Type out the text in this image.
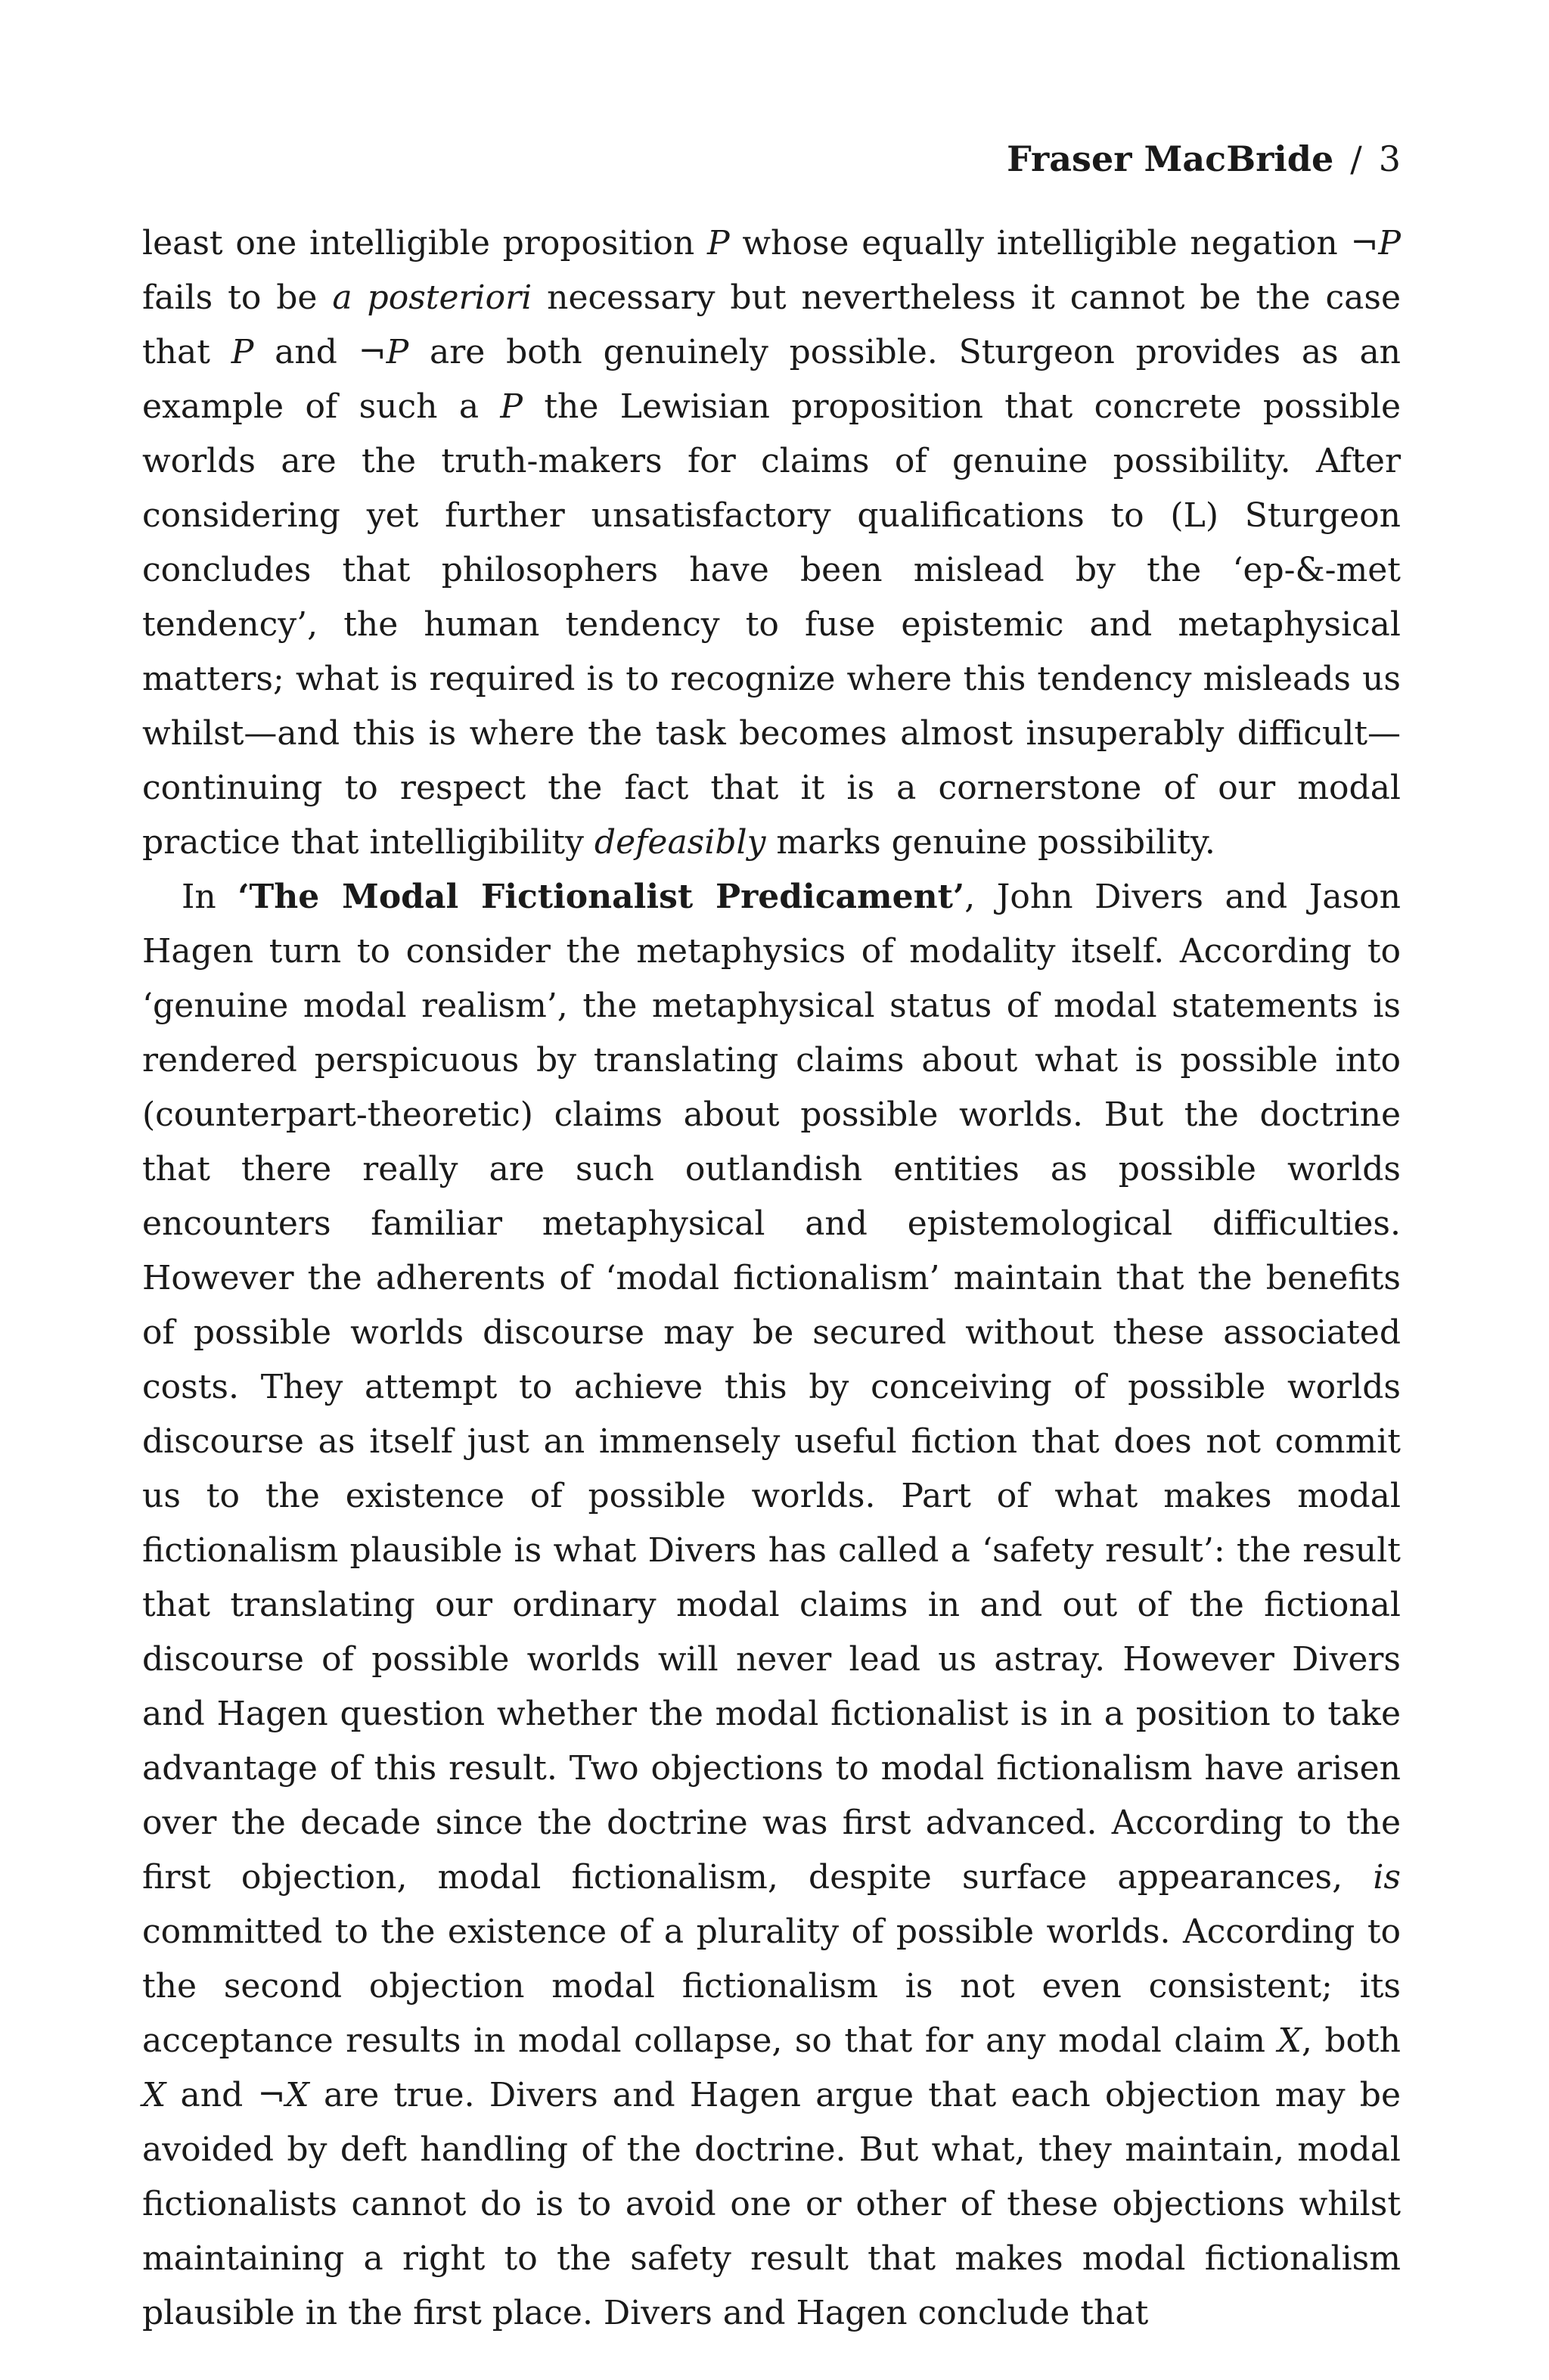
Fraser MacBride / 3

least one intelligible proposition P whose equally intelligible negation ¬P fails to be a posteriori necessary but nevertheless it cannot be the case that P and ¬P are both genuinely possible. Sturgeon provides as an example of such a P the Lewisian proposition that concrete possible worlds are the truth-makers for claims of genuine possibility. After considering yet further unsatisfactory qualifications to (L) Sturgeon concludes that philosophers have been mislead by the ‘ep-&-met tendency’, the human tendency to fuse epistemic and metaphysical matters; what is required is to recognize where this tendency misleads us whilst—and this is where the task becomes almost insuperably difficult—continuing to respect the fact that it is a cornerstone of our modal practice that intelligibility defeasibly marks genuine possibility.

In ‘The Modal Fictionalist Predicament’, John Divers and Jason Hagen turn to consider the metaphysics of modality itself. According to ‘genuine modal realism’, the metaphysical status of modal statements is rendered perspicuous by translating claims about what is possible into (counterpart-theoretic) claims about possible worlds. But the doctrine that there really are such outlandish entities as possible worlds encounters familiar metaphysical and epistemological difficulties. However the adherents of ‘modal fictionalism’ maintain that the benefits of possible worlds discourse may be secured without these associated costs. They attempt to achieve this by conceiving of possible worlds discourse as itself just an immensely useful fiction that does not commit us to the existence of possible worlds. Part of what makes modal fictionalism plausible is what Divers has called a ‘safety result’: the result that translating our ordinary modal claims in and out of the fictional discourse of possible worlds will never lead us astray. However Divers and Hagen question whether the modal fictionalist is in a position to take advantage of this result. Two objections to modal fictionalism have arisen over the decade since the doctrine was first advanced. According to the first objection, modal fictionalism, despite surface appearances, is committed to the existence of a plurality of possible worlds. According to the second objection modal fictionalism is not even consistent; its acceptance results in modal collapse, so that for any modal claim X, both X and ¬X are true. Divers and Hagen argue that each objection may be avoided by deft handling of the doctrine. But what, they maintain, modal fictionalists cannot do is to avoid one or other of these objections whilst maintaining a right to the safety result that makes modal fictionalism plausible in the first place. Divers and Hagen conclude that
